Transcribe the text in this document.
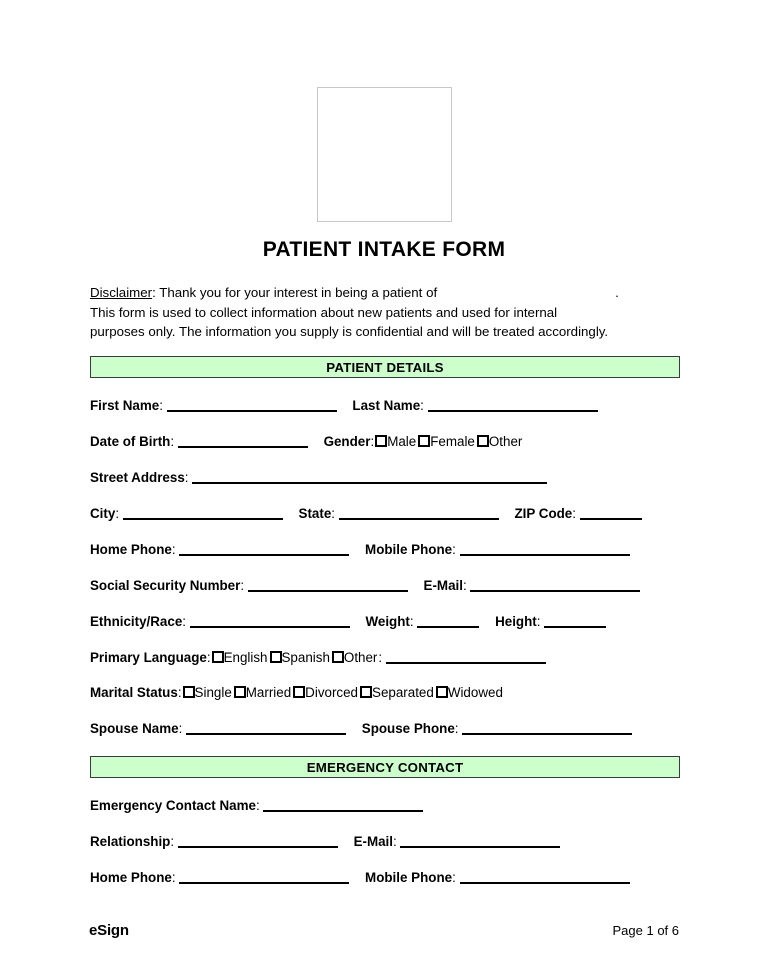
PATIENT INTAKE FORM
Disclaimer: Thank you for your interest in being a patient of	.
This form is used to collect information about new patients and used for internal
purposes only. The information you supply is confidential and will be treated accordingly.
PATIENT DETAILS
First Name:	Last Name:
Date of Birth:	Gender: Male Female Other
Street Address:
City:	State:	ZIP Code:
Home Phone:	Mobile Phone:
Social Security Number:	E-Mail:
Ethnicity/Race:	Weight:	Height:
Primary Language: English Spanish Other:
Marital Status: Single Married Divorced Separated Widowed
Spouse Name:	Spouse Phone:
EMERGENCY CONTACT
Emergency Contact Name:
Relationship:	E-Mail:
Home Phone:	Mobile Phone:
eSign	Page 1 of 6
